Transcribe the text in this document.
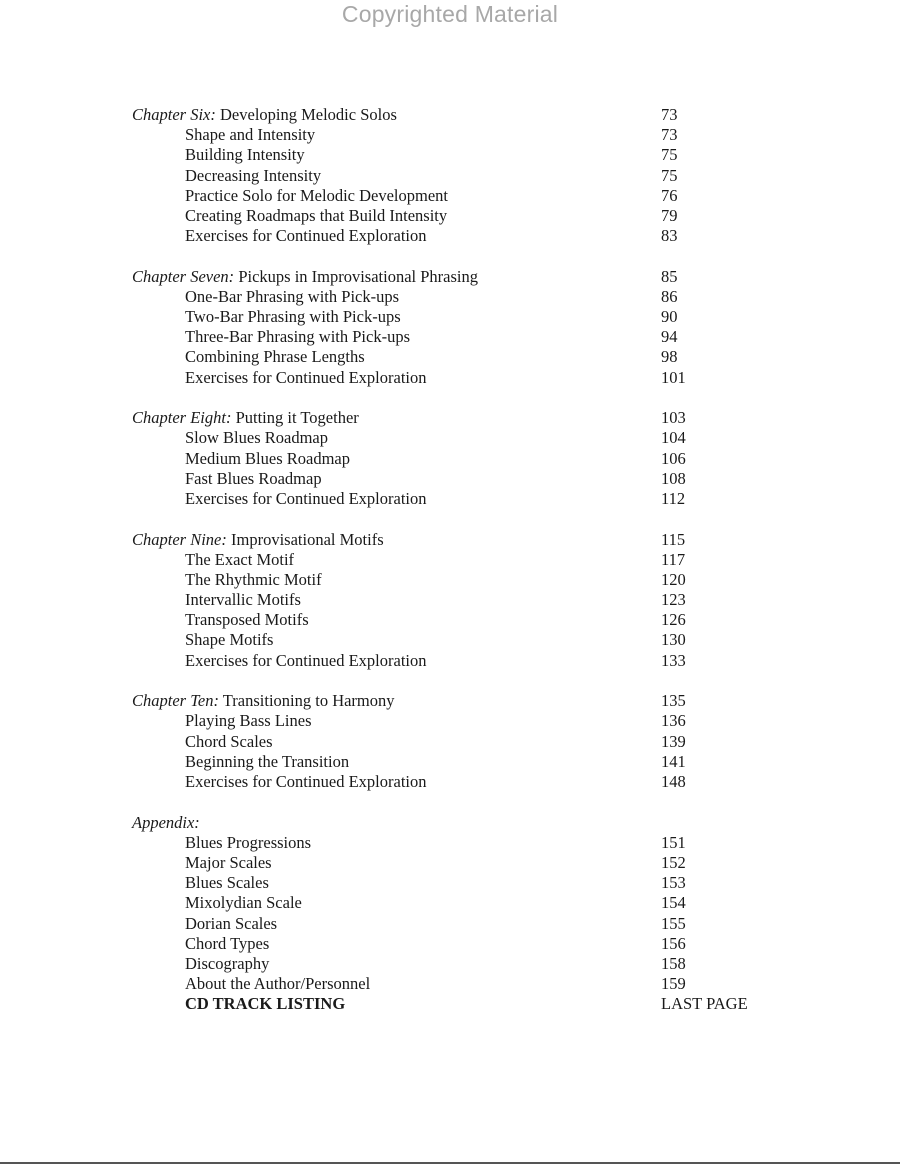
Copyrighted Material
Chapter Six: Developing Melodic Solos	73
Shape and Intensity	73
Building Intensity	75
Decreasing Intensity	75
Practice Solo for Melodic Development	76
Creating Roadmaps that Build Intensity	79
Exercises for Continued Exploration	83
Chapter Seven: Pickups in Improvisational Phrasing	85
One-Bar Phrasing with Pick-ups	86
Two-Bar Phrasing with Pick-ups	90
Three-Bar Phrasing with Pick-ups	94
Combining Phrase Lengths	98
Exercises for Continued Exploration	101
Chapter Eight: Putting it Together	103
Slow Blues Roadmap	104
Medium Blues Roadmap	106
Fast Blues Roadmap	108
Exercises for Continued Exploration	112
Chapter Nine: Improvisational Motifs	115
The Exact Motif	117
The Rhythmic Motif	120
Intervallic Motifs	123
Transposed Motifs	126
Shape Motifs	130
Exercises for Continued Exploration	133
Chapter Ten: Transitioning to Harmony	135
Playing Bass Lines	136
Chord Scales	139
Beginning the Transition	141
Exercises for Continued Exploration	148
Appendix:
Blues Progressions	151
Major Scales	152
Blues Scales	153
Mixolydian Scale	154
Dorian Scales	155
Chord Types	156
Discography	158
About the Author/Personnel	159
CD TRACK LISTING	LAST PAGE
